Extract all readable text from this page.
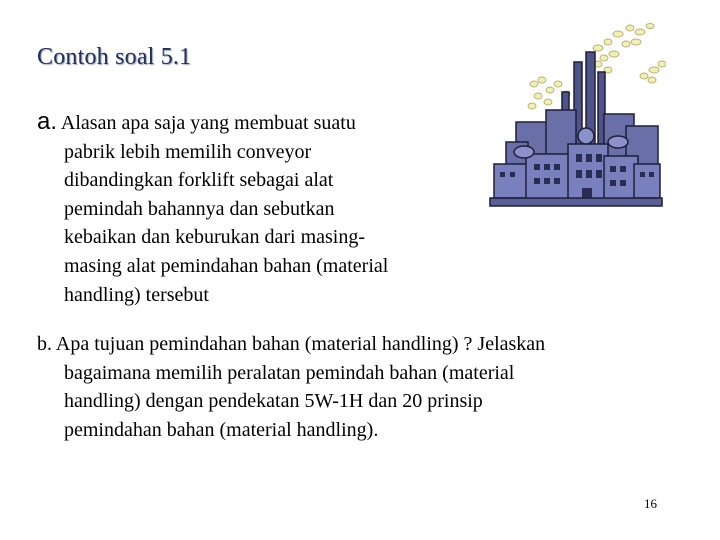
Contoh soal 5.1
a. Alasan apa saja yang membuat suatu
pabrik lebih memilih conveyor
dibandingkan forklift sebagai alat
pemindah bahannya dan sebutkan
kebaikan dan keburukan dari masing-
masing alat pemindahan bahan (material
handling) tersebut
b. Apa tujuan pemindahan bahan (material handling) ? Jelaskan
bagaimana memilih peralatan pemindah bahan (material
handling) dengan pendekatan 5W-1H dan 20 prinsip
pemindahan bahan (material handling).
16
